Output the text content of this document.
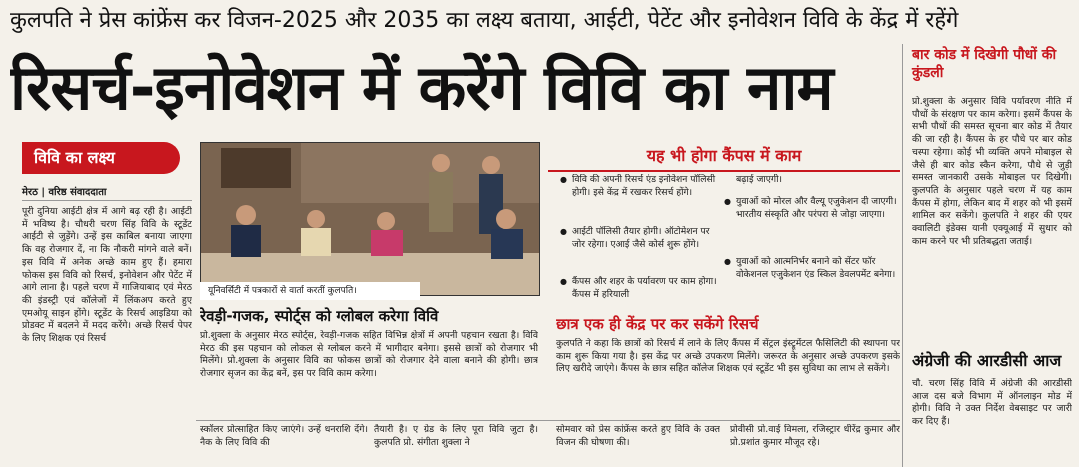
कुलपति ने प्रेस कांफ्रेंस कर विजन-2025 और 2035 का लक्ष्य बताया, आईटी, पेटेंट और इनोवेशन विवि के केंद्र में रहेंगे
रिसर्च-इनोवेशन में करेंगे विवि का नाम
विवि का लक्ष्य
मेरठ | वरिष्ठ संवाददाता
पूरी दुनिया आईटी क्षेत्र में आगे बढ़ रही है। आईटी में भविष्य है। चौधरी चरण सिंह विवि के स्टूडेंट आईटी से जुड़ेंगे। उन्हें इस काबिल बनाया जाएगा कि वह रोजगार दें, ना कि नौकरी मांगने वाले बनें। इस विवि में अनेक अच्छे काम हुए हैं। हमारा फोकस इस विवि को रिसर्च, इनोवेशन और पेटेंट में आगे लाना है। पहले चरण में गाजियाबाद एवं मेरठ की इंडस्ट्री एवं कॉलेजों में लिंकअप करते हुए एमओयू साइन होंगे। स्टूडेंट के रिसर्च आइडिया को प्रोडक्ट में बदलने में मदद करेंगे। अच्छे रिसर्च पेपर के लिए शिक्षक एवं रिसर्च
यूनिवर्सिटी में पत्रकारों से वार्ता करतीं कुलपति।
रेवड़ी-गजक, स्पोर्ट्स को ग्लोबल करेगा विवि
प्रो.शुक्ला के अनुसार मेरठ स्पोर्ट्स, रेवड़ी-गजक सहित विभिन्न क्षेत्रों में अपनी पहचान रखता है। विवि मेरठ की इस पहचान को लोकल से ग्लोबल करने में भागीदार बनेगा। इससे छात्रों को रोजगार भी मिलेंगे। प्रो.शुक्ला के अनुसार विवि का फोकस छात्रों को रोजगार देने वाला बनाने की होगी। छात्र रोजगार सृजन का केंद्र बनें, इस पर विवि काम करेगा।
स्कॉलर प्रोत्साहित किए जाएंगे। उन्हें धनराशि देंगे। नैक के लिए विवि की
तैयारी है। ए ग्रेड के लिए पूरा विवि जुटा है। कुलपति प्रो. संगीता शुक्ला ने
सोमवार को प्रेस कांफ्रेंस करते हुए विवि के उक्त विजन की घोषणा की।
प्रोवीसी प्रो.वाई विमला, रजिस्ट्रार धीरेंद्र कुमार और प्रो.प्रशांत कुमार मौजूद रहे।
यह भी होगा कैंपस में काम
● विवि की अपनी रिसर्च एंड इनोवेशन पॉलिसी होगी। इसे केंद्र में रखकर रिसर्च होंगे।
● आईटी पॉलिसी तैयार होगी। ऑटोमेशन पर जोर रहेगा। एआई जैसे कोर्स शुरू होंगे।
● कैंपस और शहर के पर्यावरण पर काम होगा। कैंपस में हरियाली
बढ़ाई जाएगी।
● युवाओं को मोरल और वैल्यू एजुकेशन दी जाएगी। भारतीय संस्कृति और परंपरा से जोड़ा जाएगा।
● युवाओं को आत्मनिर्भर बनाने को सेंटर फॉर वोकेशनल एजुकेशन एंड स्किल डेवलपमेंट बनेगा।
छात्र एक ही केंद्र पर कर सकेंगे रिसर्च
कुलपति ने कहा कि छात्रों को रिसर्च में लाने के लिए कैंपस में सेंट्रल इंस्ट्रूमेंटल फैसिलिटी की स्थापना पर काम शुरू किया गया है। इस केंद्र पर अच्छे उपकरण मिलेंगे। जरूरत के अनुसार अच्छे उपकरण इसके लिए खरीदे जाएंगे। कैंपस के छात्र सहित कॉलेज शिक्षक एवं स्टूडेंट भी इस सुविधा का लाभ ले सकेंगे।
बार कोड में दिखेगी पौधों की कुंडली
प्रो.शुक्ला के अनुसार विवि पर्यावरण नीति में पौधों के संरक्षण पर काम करेगा। इसमें कैंपस के सभी पौधों की समस्त सूचना बार कोड में तैयार की जा रही है। कैंपस के हर पौधे पर बार कोड चस्पा रहेगा। कोई भी व्यक्ति अपने मोबाइल से जैसे ही बार कोड स्कैन करेगा, पौधे से जुड़ी समस्त जानकारी उसके मोबाइल पर दिखेगी। कुलपति के अनुसार पहले चरण में यह काम कैंपस में होगा, लेकिन बाद में शहर को भी इसमें शामिल कर सकेंगे। कुलपति ने शहर की एयर क्वालिटी इंडेक्स यानी एक्यूआई में सुधार को काम करने पर भी प्रतिबद्धता जताई।
अंग्रेजी की आरडीसी आज
चौ. चरण सिंह विवि में अंग्रेजी की आरडीसी आज दस बजे विभाग में ऑनलाइन मोड में होगी। विवि ने उक्त निर्देश वेबसाइट पर जारी कर दिए हैं।
